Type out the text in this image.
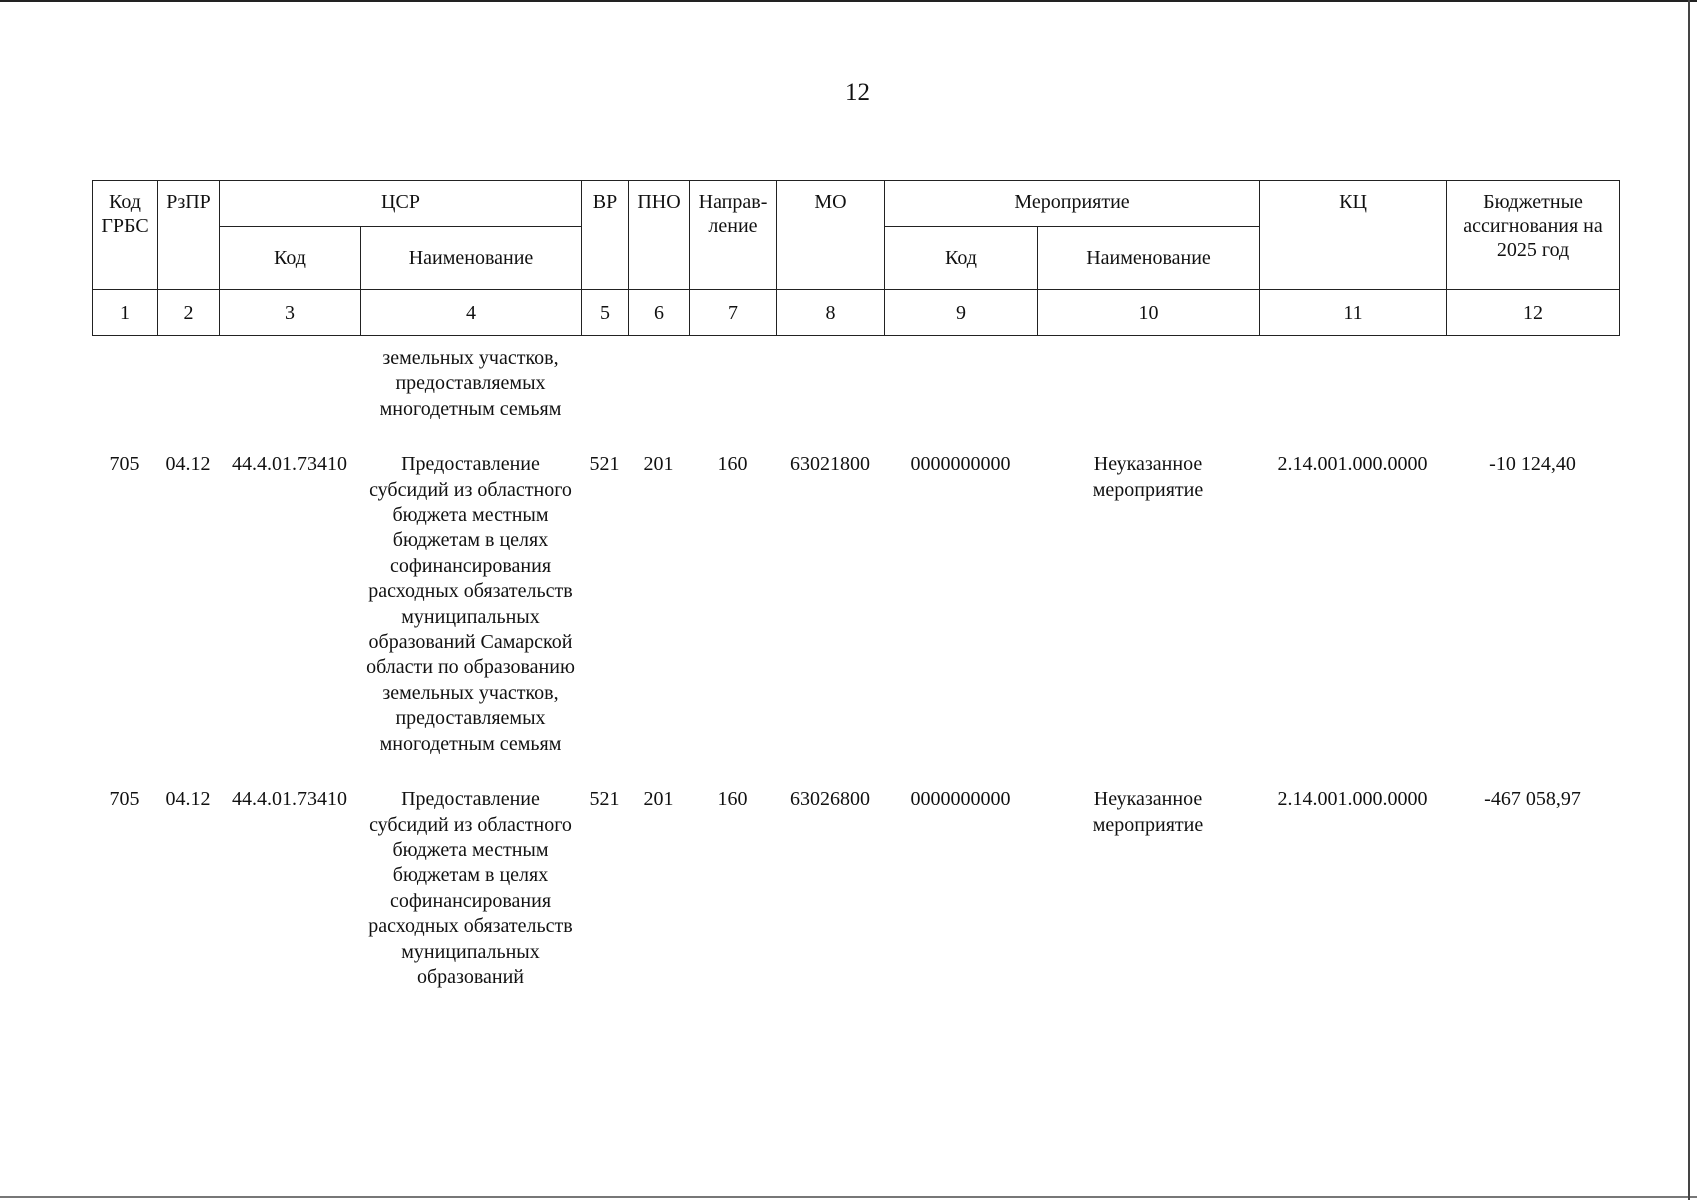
12
Код ГРБС	РзПР	ЦСР		ВР	ПНО	Направ-ление	МО	Мероприятие		КЦ	Бюджетные ассигнования на 2025 год
		Код	Наименование					Код	Наименование		
1	2	3	4	5	6	7	8	9	10	11	12
			земельных участков, предоставляемых многодетным семьям								

705	04.12	44.4.01.73410	Предоставление субсидий из областного бюджета местным бюджетам в целях софинансирования расходных обязательств муниципальных образований Самарской области по образованию земельных участков, предоставляемых многодетным семьям	521	201	160	63021800	0000000000	Неуказанное мероприятие	2.14.001.000.0000	-10 124,40

705	04.12	44.4.01.73410	Предоставление субсидий из областного бюджета местным бюджетам в целях софинансирования расходных обязательств муниципальных образований	521	201	160	63026800	0000000000	Неуказанное мероприятие	2.14.001.000.0000	-467 058,97
